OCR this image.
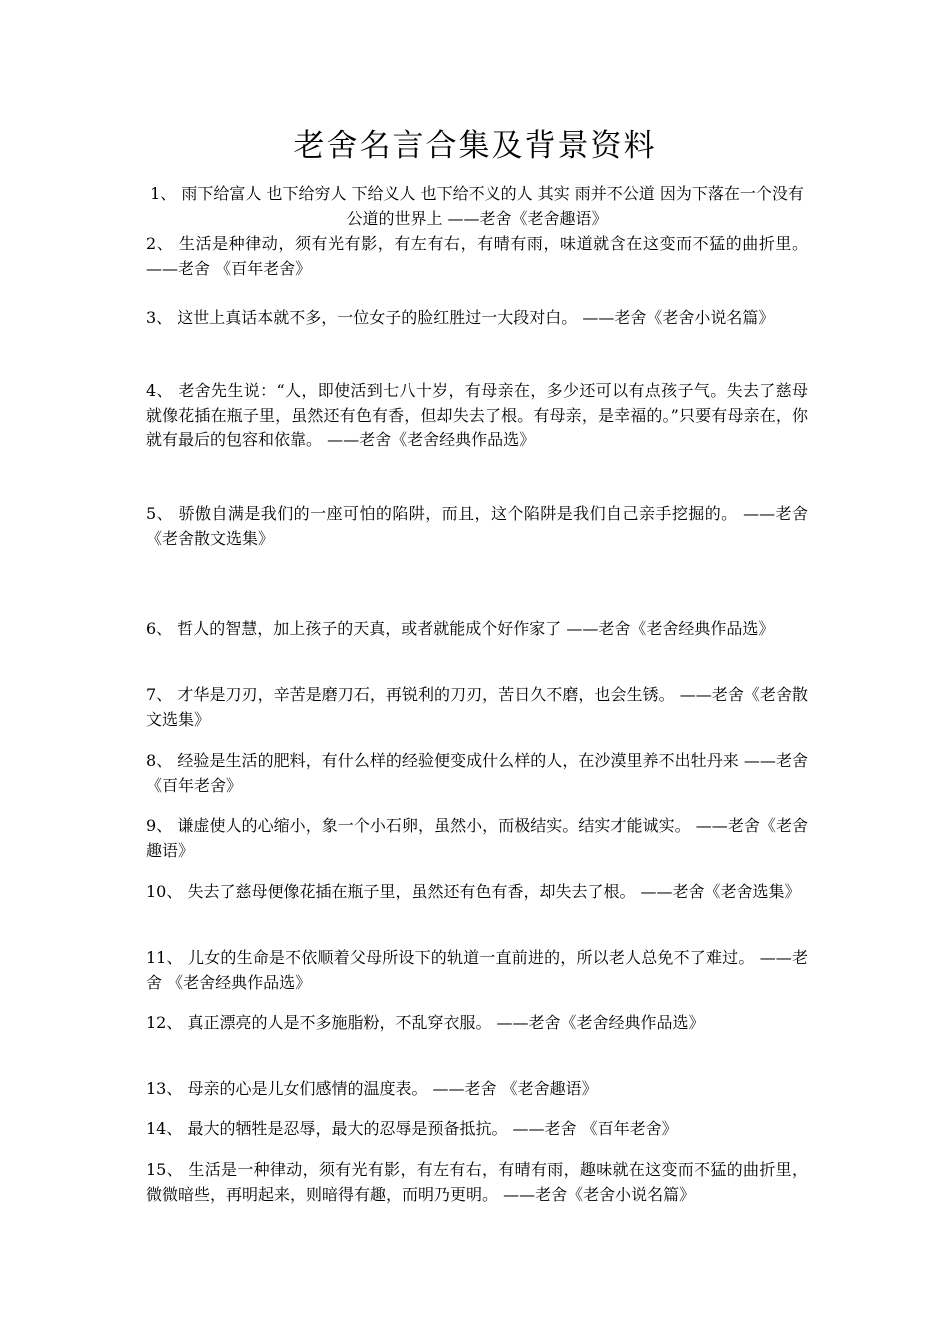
老舍名言合集及背景资料

1、 雨下给富人 也下给穷人 下给义人 也下给不义的人 其实 雨并不公道 因为下落在一个没有公道的世界上 ——老舍《老舍趣语》

2、 生活是种律动，须有光有影，有左有右，有晴有雨，味道就含在这变而不猛的曲折里。 ——老舍 《百年老舍》

3、 这世上真话本就不多，一位女子的脸红胜过一大段对白。 ——老舍《老舍小说名篇》

4、 老舍先生说：“人，即使活到七八十岁，有母亲在，多少还可以有点孩子气。失去了慈母就像花插在瓶子里，虽然还有色有香，但却失去了根。有母亲，是幸福的。”只要有母亲在，你就有最后的包容和依靠。 ——老舍《老舍经典作品选》

5、 骄傲自满是我们的一座可怕的陷阱，而且，这个陷阱是我们自己亲手挖掘的。 ——老舍《老舍散文选集》

6、 哲人的智慧，加上孩子的天真，或者就能成个好作家了 ——老舍《老舍经典作品选》

7、 才华是刀刃，辛苦是磨刀石，再锐利的刀刃，苦日久不磨，也会生锈。 ——老舍《老舍散文选集》

8、 经验是生活的肥料，有什么样的经验便变成什么样的人，在沙漠里养不出牡丹来 ——老舍 《百年老舍》

9、 谦虚使人的心缩小，象一个小石卵，虽然小，而极结实。结实才能诚实。 ——老舍《老舍趣语》

10、 失去了慈母便像花插在瓶子里，虽然还有色有香，却失去了根。 ——老舍《老舍选集》

11、 儿女的生命是不依顺着父母所设下的轨道一直前进的，所以老人总免不了难过。 ——老舍 《老舍经典作品选》

12、 真正漂亮的人是不多施脂粉，不乱穿衣服。 ——老舍《老舍经典作品选》

13、 母亲的心是儿女们感情的温度表。 ——老舍 《老舍趣语》

14、 最大的牺牲是忍辱，最大的忍辱是预备抵抗。 ——老舍 《百年老舍》

15、 生活是一种律动，须有光有影，有左有右，有晴有雨，趣味就在这变而不猛的曲折里，微微暗些，再明起来，则暗得有趣，而明乃更明。 ——老舍《老舍小说名篇》
